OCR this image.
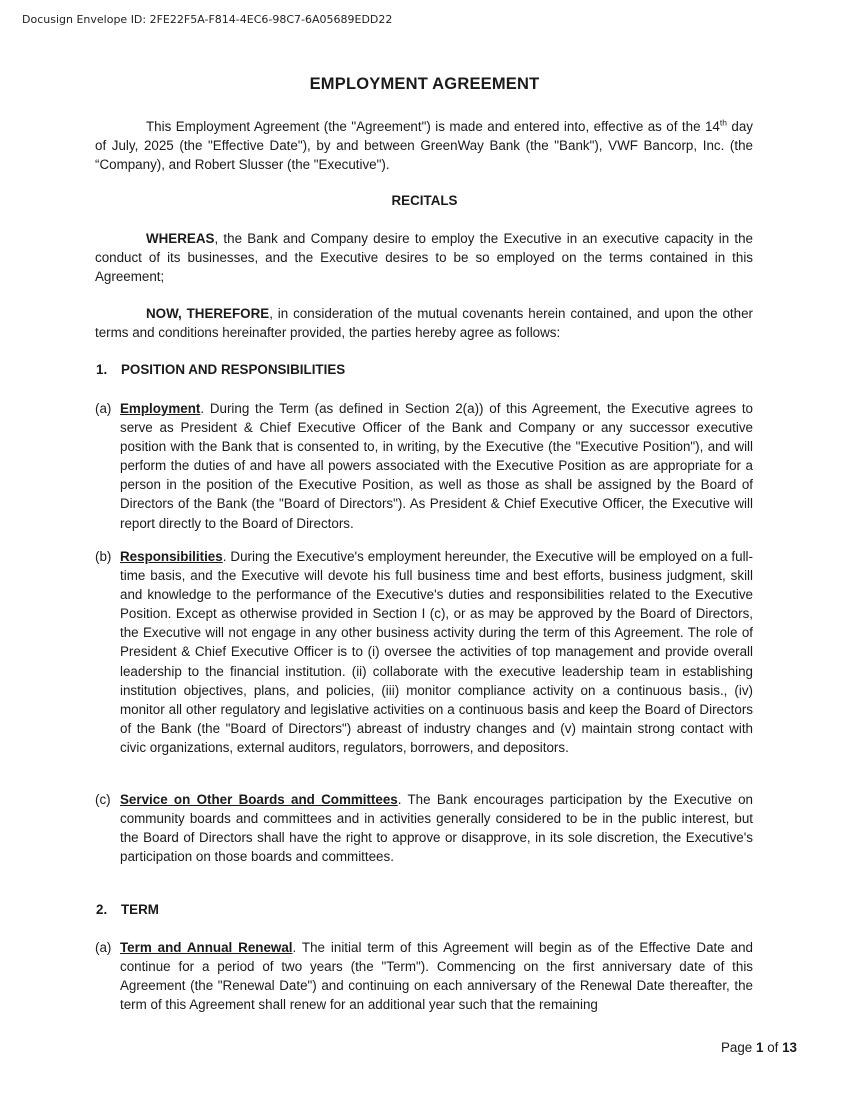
Docusign Envelope ID: 2FE22F5A-F814-4EC6-98C7-6A05689EDD22
EMPLOYMENT AGREEMENT
This Employment Agreement (the "Agreement") is made and entered into, effective as of the 14th day of July, 2025 (the "Effective Date"), by and between GreenWay Bank (the "Bank"), VWF Bancorp, Inc. (the “Company), and Robert Slusser (the "Executive").
RECITALS
WHEREAS, the Bank and Company desire to employ the Executive in an executive capacity in the conduct of its businesses, and the Executive desires to be so employed on the terms contained in this Agreement;
NOW, THEREFORE, in consideration of the mutual covenants herein contained, and upon the other terms and conditions hereinafter provided, the parties hereby agree as follows:
1. POSITION AND RESPONSIBILITIES
(a) Employment. During the Term (as defined in Section 2(a)) of this Agreement, the Executive agrees to serve as President & Chief Executive Officer of the Bank and Company or any successor executive position with the Bank that is consented to, in writing, by the Executive (the "Executive Position"), and will perform the duties of and have all powers associated with the Executive Position as are appropriate for a person in the position of the Executive Position, as well as those as shall be assigned by the Board of Directors of the Bank (the "Board of Directors"). As President & Chief Executive Officer, the Executive will report directly to the Board of Directors.
(b) Responsibilities. During the Executive's employment hereunder, the Executive will be employed on a full-time basis, and the Executive will devote his full business time and best efforts, business judgment, skill and knowledge to the performance of the Executive's duties and responsibilities related to the Executive Position. Except as otherwise provided in Section I (c), or as may be approved by the Board of Directors, the Executive will not engage in any other business activity during the term of this Agreement. The role of President & Chief Executive Officer is to (i) oversee the activities of top management and provide overall leadership to the financial institution. (ii) collaborate with the executive leadership team in establishing institution objectives, plans, and policies, (iii) monitor compliance activity on a continuous basis., (iv) monitor all other regulatory and legislative activities on a continuous basis and keep the Board of Directors of the Bank (the "Board of Directors") abreast of industry changes and (v) maintain strong contact with civic organizations, external auditors, regulators, borrowers, and depositors.
(c) Service on Other Boards and Committees. The Bank encourages participation by the Executive on community boards and committees and in activities generally considered to be in the public interest, but the Board of Directors shall have the right to approve or disapprove, in its sole discretion, the Executive's participation on those boards and committees.
2. TERM
(a) Term and Annual Renewal. The initial term of this Agreement will begin as of the Effective Date and continue for a period of two years (the "Term"). Commencing on the first anniversary date of this Agreement (the "Renewal Date") and continuing on each anniversary of the Renewal Date thereafter, the term of this Agreement shall renew for an additional year such that the remaining
Page 1 of 13
